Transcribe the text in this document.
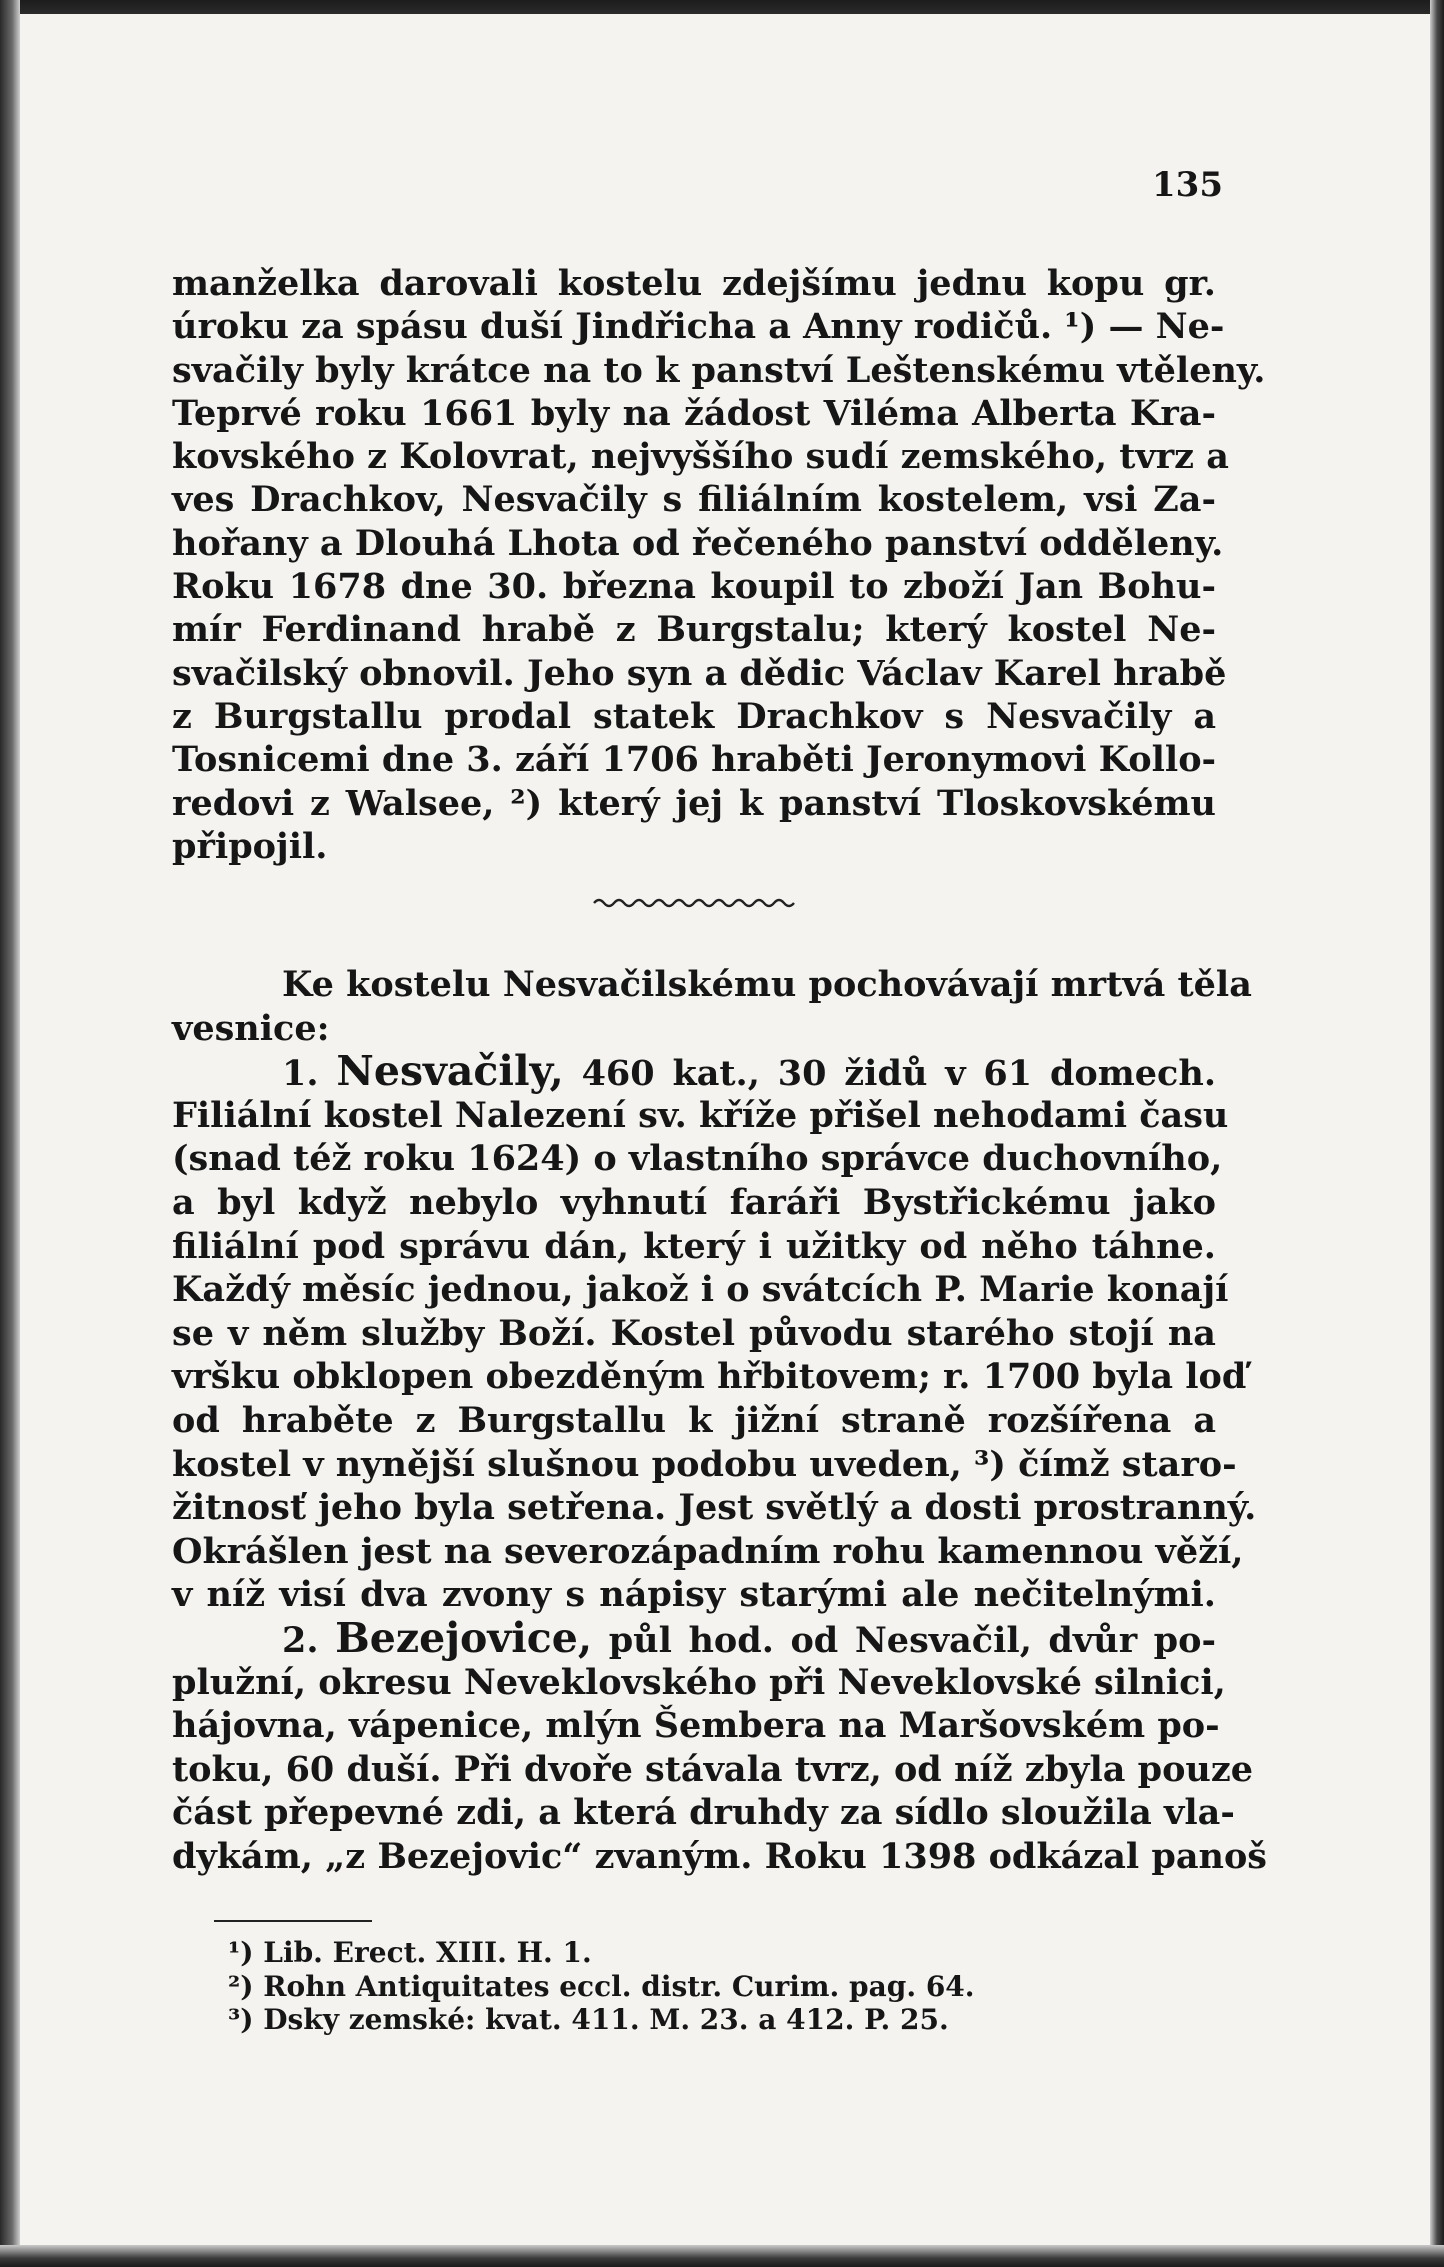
135
manželka darovali kostelu zdejšímu jednu kopu gr.
úroku za spásu duší Jindřicha a Anny rodičů. ¹) — Ne-
svačily byly krátce na to k panství Leštenskému vtěleny.
Teprvé roku 1661 byly na žádost Viléma Alberta Kra-
kovského z Kolovrat, nejvyššího sudí zemského, tvrz a
ves Drachkov, Nesvačily s filiálním kostelem, vsi Za-
hořany a Dlouhá Lhota od řečeného panství odděleny.
Roku 1678 dne 30. března koupil to zboží Jan Bohu-
mír Ferdinand hrabě z Burgstalu; který kostel Ne-
svačilský obnovil. Jeho syn a dědic Václav Karel hrabě
z Burgstallu prodal statek Drachkov s Nesvačily a
Tosnicemi dne 3. září 1706 hraběti Jeronymovi Kollo-
redovi z Walsee, ²) který jej k panství Tloskovskému
připojil.
Ke kostelu Nesvačilskému pochovávají mrtvá těla
vesnice:
1. Nesvačily, 460 kat., 30 židů v 61 domech.
Filiální kostel Nalezení sv. kříže přišel nehodami času
(snad též roku 1624) o vlastního správce duchovního,
a byl když nebylo vyhnutí faráři Bystřickému jako
filiální pod správu dán, který i užitky od něho táhne.
Každý měsíc jednou, jakož i o svátcích P. Marie konají
se v něm služby Boží. Kostel původu starého stojí na
vršku obklopen obezděným hřbitovem; r. 1700 byla loď
od hraběte z Burgstallu k jižní straně rozšířena a
kostel v nynější slušnou podobu uveden, ³) čímž staro-
žitnosť jeho byla setřena. Jest světlý a dosti prostranný.
Okrášlen jest na severozápadním rohu kamennou věží,
v níž visí dva zvony s nápisy starými ale nečitelnými.
2. Bezejovice, půl hod. od Nesvačil, dvůr po-
plužní, okresu Neveklovského při Neveklovské silnici,
hájovna, vápenice, mlýn Šembera na Maršovském po-
toku, 60 duší. Při dvoře stávala tvrz, od níž zbyla pouze
část přepevné zdi, a která druhdy za sídlo sloužila vla-
dykám, „z Bezejovic“ zvaným. Roku 1398 odkázal panoš
¹) Lib. Erect. XIII. H. 1.
²) Rohn Antiquitates eccl. distr. Curim. pag. 64.
³) Dsky zemské: kvat. 411. M. 23. a 412. P. 25.
